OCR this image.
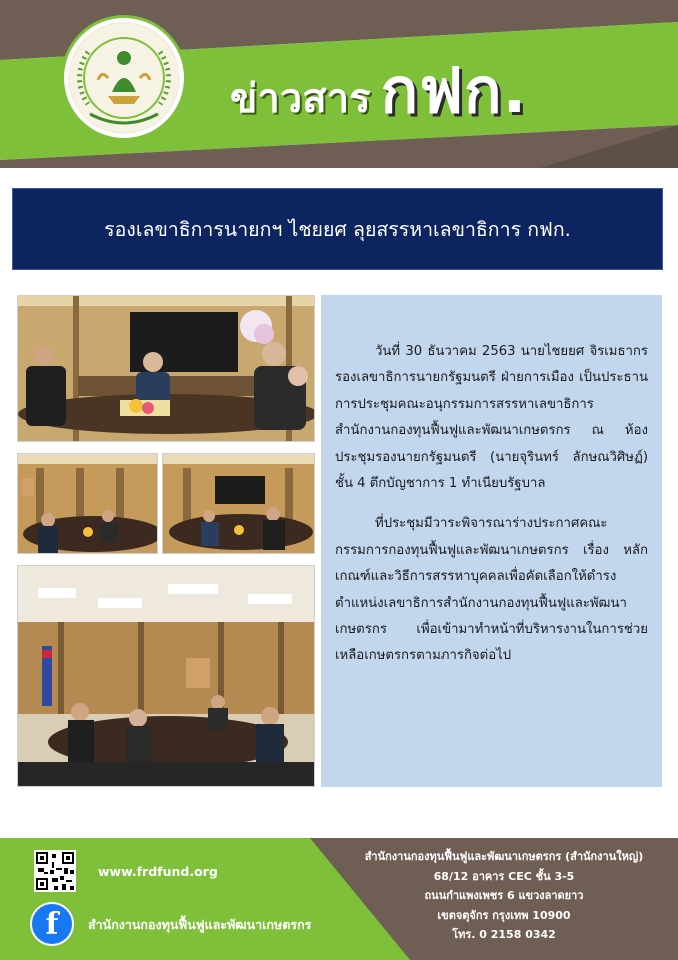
ข่าวสาร กฟก.
รองเลขาธิการนายกฯ ไชยยศ ลุยสรรหาเลขาธิการ กฟก.

วันที่ 30 ธันวาคม 2563 นายไชยยศ จิรเมธากร รองเลขาธิการนายกรัฐมนตรี ฝ่ายการเมือง เป็นประธานการประชุมคณะอนุกรรมการสรรหาเลขาธิการสำนักงานกองทุนฟื้นฟูและพัฒนาเกษตรกร ณ ห้องประชุมรองนายกรัฐมนตรี (นายจุรินทร์ ลักษณวิศิษฏ์) ชั้น 4 ตึกบัญชาการ 1 ทำเนียบรัฐบาล

ที่ประชุมมีวาระพิจารณาร่างประกาศคณะกรรมการกองทุนฟื้นฟูและพัฒนาเกษตรกร เรื่อง หลักเกณฑ์และวิธีการสรรหาบุคคลเพื่อคัดเลือกให้ดำรงตำแหน่งเลขาธิการสำนักงานกองทุนฟื้นฟูและพัฒนาเกษตรกร เพื่อเข้ามาทำหน้าที่บริหารงานในการช่วยเหลือเกษตรกรตามภารกิจต่อไป

www.frdfund.org
f	สำนักงานกองทุนฟื้นฟูและพัฒนาเกษตรกร
สำนักงานกองทุนฟื้นฟูและพัฒนาเกษตรกร (สำนักงานใหญ่)
68/12 อาคาร CEC ชั้น 3-5
ถนนกำแพงเพชร 6 แขวงลาดยาว
เขตจตุจักร กรุงเทพ 10900
โทร. 0 2158 0342
